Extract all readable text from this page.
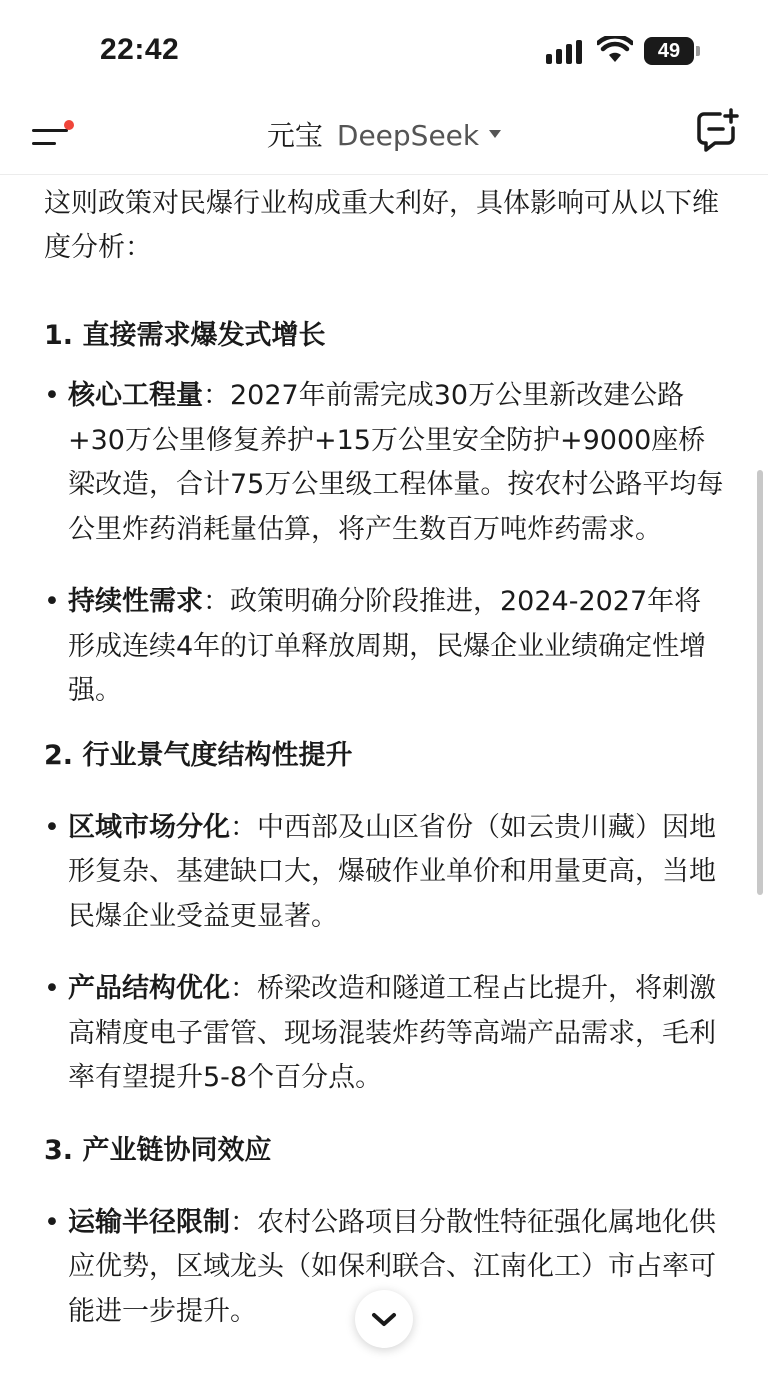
22:42	49
元宝 DeepSeek

这则政策对民爆行业构成重大利好，具体影响可从以下维度分析：

1. 直接需求爆发式增长

• 核心工程量：2027年前需完成30万公里新改建公路+30万公里修复养护+15万公里安全防护+9000座桥梁改造，合计75万公里级工程体量。按农村公路平均每公里炸药消耗量估算，将产生数百万吨炸药需求。
• 持续性需求：政策明确分阶段推进，2024-2027年将形成连续4年的订单释放周期，民爆企业业绩确定性增强。

2. 行业景气度结构性提升

• 区域市场分化：中西部及山区省份（如云贵川藏）因地形复杂、基建缺口大，爆破作业单价和用量更高，当地民爆企业受益更显著。
• 产品结构优化：桥梁改造和隧道工程占比提升，将刺激高精度电子雷管、现场混装炸药等高端产品需求，毛利率有望提升5-8个百分点。

3. 产业链协同效应

• 运输半径限制：农村公路项目分散性特征强化属地化供应优势，区域龙头（如保利联合、江南化工）市占率可能进一步提升。
